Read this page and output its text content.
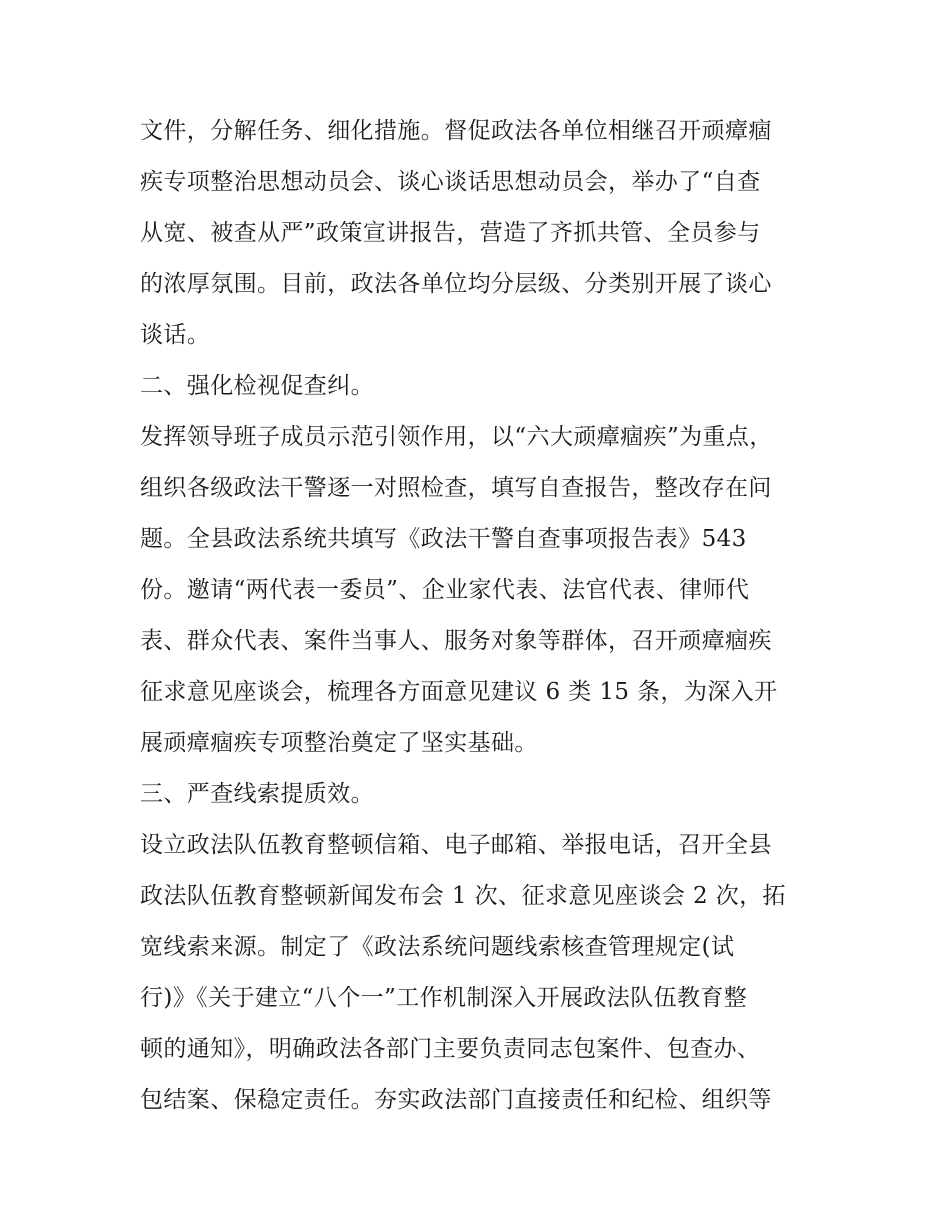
文件，分解任务、细化措施。督促政法各单位相继召开顽瘴痼
疾专项整治思想动员会、谈心谈话思想动员会，举办了“自查
从宽、被查从严”政策宣讲报告，营造了齐抓共管、全员参与
的浓厚氛围。目前，政法各单位均分层级、分类别开展了谈心
谈话。
二、强化检视促查纠。
发挥领导班子成员示范引领作用，以“六大顽瘴痼疾”为重点，
组织各级政法干警逐一对照检查，填写自查报告，整改存在问
题。全县政法系统共填写《政法干警自查事项报告表》543
份。邀请“两代表一委员”、企业家代表、法官代表、律师代
表、群众代表、案件当事人、服务对象等群体，召开顽瘴痼疾
征求意见座谈会，梳理各方面意见建议 6 类 15 条，为深入开
展顽瘴痼疾专项整治奠定了坚实基础。
三、严查线索提质效。
设立政法队伍教育整顿信箱、电子邮箱、举报电话，召开全县
政法队伍教育整顿新闻发布会 1 次、征求意见座谈会 2 次，拓
宽线索来源。制定了《政法系统问题线索核查管理规定(试
行)》《关于建立“八个一”工作机制深入开展政法队伍教育整
顿的通知》，明确政法各部门主要负责同志包案件、包查办、
包结案、保稳定责任。夯实政法部门直接责任和纪检、组织等
